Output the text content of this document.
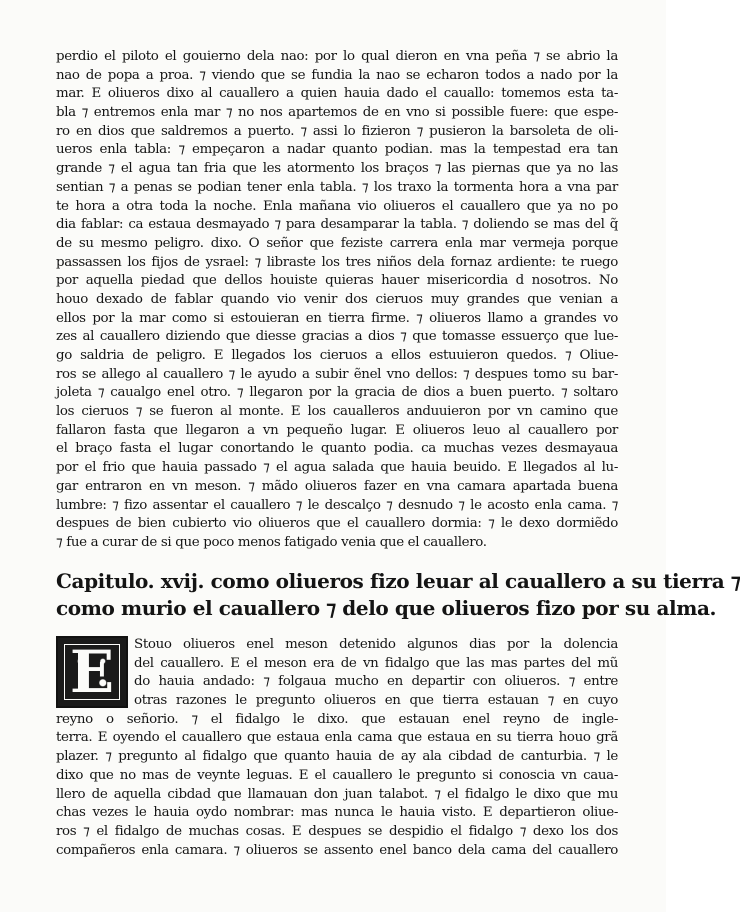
perdio el piloto el gouierno dela nao: por lo qual dieron en vna peña ⁊ se abrio la
nao de popa a proa. ⁊ viendo que se fundia la nao se echaron todos a nado por la
mar. E oliueros dixo al cauallero a quien hauia dado el cauallo: tomemos esta ta-
bla ⁊ entremos enla mar ⁊ no nos apartemos de en vno si possible fuere: que espe-
ro en dios que saldremos a puerto. ⁊ assi lo fizieron ⁊ pusieron la barsoleta de oli-
ueros enla tabla: ⁊ empeçaron a nadar quanto podian. mas la tempestad era tan
grande ⁊ el agua tan fria que les atormento los braços ⁊ las piernas que ya no las
sentian ⁊ a penas se podian tener enla tabla. ⁊ los traxo la tormenta hora a vna par
te hora a otra toda la noche. Enla mañana vio oliueros el cauallero que ya no po
dia fablar: ca estaua desmayado ⁊ para desamparar la tabla. ⁊ doliendo se mas del q̃
de su mesmo peligro. dixo. O señor que feziste carrera enla mar vermeja porque
passassen los fijos de ysrael: ⁊ libraste los tres niños dela fornaz ardiente: te ruego
por aquella piedad que dellos houiste quieras hauer misericordia d nosotros. No
houo dexado de fablar quando vio venir dos cieruos muy grandes que venian a
ellos por la mar como si estouieran en tierra firme. ⁊ oliueros llamo a grandes vo
zes al cauallero diziendo que diesse gracias a dios ⁊ que tomasse essuerço que lue-
go saldria de peligro. E llegados los cieruos a ellos estuuieron quedos. ⁊ Oliue-
ros se allego al cauallero ⁊ le ayudo a subir ẽnel vno dellos: ⁊ despues tomo su bar-
joleta ⁊ caualgo enel otro. ⁊ llegaron por la gracia de dios a buen puerto. ⁊ soltaro
los cieruos ⁊ se fueron al monte. E los caualleros anduuieron por vn camino que
fallaron fasta que llegaron a vn pequeño lugar. E oliueros leuo al cauallero por
el braço fasta el lugar conortando le quanto podia. ca muchas vezes desmayaua
por el frio que hauia passado ⁊ el agua salada que hauia beuido. E llegados al lu-
gar entraron en vn meson. ⁊ mãdo oliueros fazer en vna camara apartada buena
lumbre: ⁊ fizo assentar el cauallero ⁊ le descalço ⁊ desnudo ⁊ le acosto enla cama. ⁊
despues de bien cubierto vio oliueros que el cauallero dormia: ⁊ le dexo dormiẽdo
⁊ fue a curar de si que poco menos fatigado venia que el cauallero.
Capitulo. xvij. como oliueros fizo leuar al cauallero a su tierra ⁊
como murio el cauallero ⁊ delo que oliueros fizo por su alma.
E	Stouo oliueros enel meson detenido algunos dias por la dolencia
del cauallero. E el meson era de vn fidalgo que las mas partes del mũ
do hauia andado: ⁊ folgaua mucho en departir con oliueros. ⁊ entre
otras razones le pregunto oliueros en que tierra estauan ⁊ en cuyo
reyno o señorio. ⁊ el fidalgo le dixo. que estauan enel reyno de ingle-
terra. E oyendo el cauallero que estaua enla cama que estaua en su tierra houo grã
plazer. ⁊ pregunto al fidalgo que quanto hauia de ay ala cibdad de canturbia. ⁊ le
dixo que no mas de veynte leguas. E el cauallero le pregunto si conoscia vn caua-
llero de aquella cibdad que llamauan don juan talabot. ⁊ el fidalgo le dixo que mu
chas vezes le hauia oydo nombrar: mas nunca le hauia visto. E departieron oliue-
ros ⁊ el fidalgo de muchas cosas. E despues se despidio el fidalgo ⁊ dexo los dos
compañeros enla camara. ⁊ oliueros se assento enel banco dela cama del cauallero
